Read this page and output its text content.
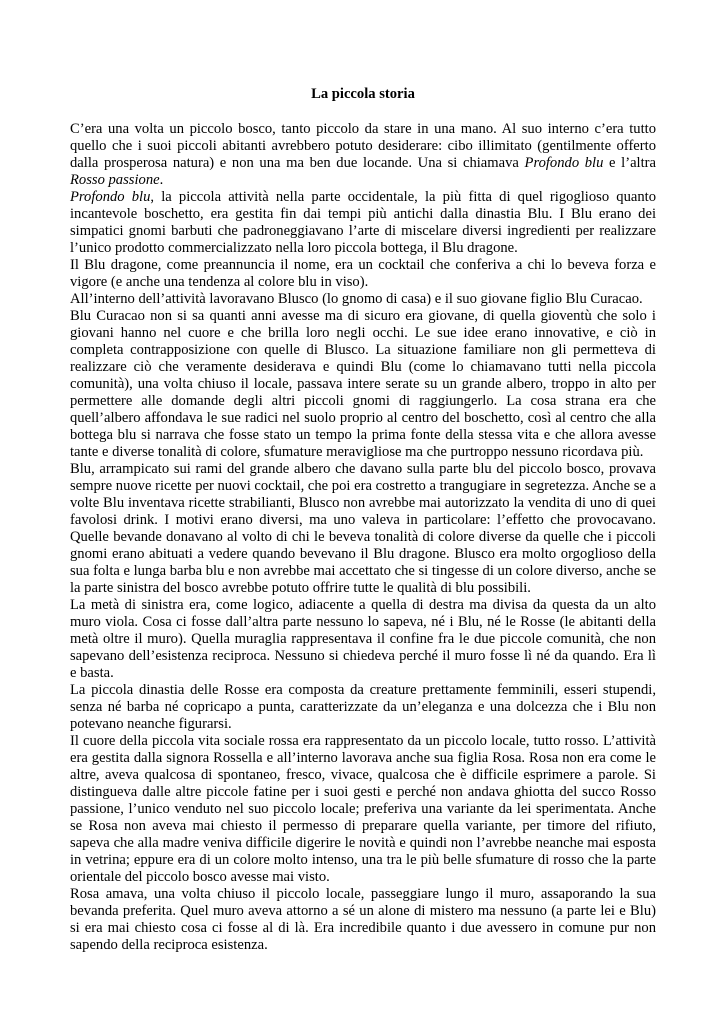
La piccola storia

C’era una volta un piccolo bosco, tanto piccolo da stare in una mano. Al suo interno c’era tutto quello che i suoi piccoli abitanti avrebbero potuto desiderare: cibo illimitato (gentilmente offerto dalla prosperosa natura) e non una ma ben due locande. Una si chiamava Profondo blu e l’altra Rosso passione.

Profondo blu, la piccola attività nella parte occidentale, la più fitta di quel rigoglioso quanto incantevole boschetto, era gestita fin dai tempi più antichi dalla dinastia Blu. I Blu erano dei simpatici gnomi barbuti che padroneggiavano l’arte di miscelare diversi ingredienti per realizzare l’unico prodotto commercializzato nella loro piccola bottega, il Blu dragone.

Il Blu dragone, come preannuncia il nome, era un cocktail che conferiva a chi lo beveva forza e vigore (e anche una tendenza al colore blu in viso).

All’interno dell’attività lavoravano Blusco (lo gnomo di casa) e il suo giovane figlio Blu Curacao.

Blu Curacao non si sa quanti anni avesse ma di sicuro era giovane, di quella gioventù che solo i giovani hanno nel cuore e che brilla loro negli occhi. Le sue idee erano innovative, e ciò in completa contrapposizione con quelle di Blusco. La situazione familiare non gli permetteva di realizzare ciò che veramente desiderava e quindi Blu (come lo chiamavano tutti nella piccola comunità), una volta chiuso il locale, passava intere serate su un grande albero, troppo in alto per permettere alle domande degli altri piccoli gnomi di raggiungerlo. La cosa strana era che quell’albero affondava le sue radici nel suolo proprio al centro del boschetto, così al centro che alla bottega blu si narrava che fosse stato un tempo la prima fonte della stessa vita e che allora avesse tante e diverse tonalità di colore, sfumature meravigliose ma che purtroppo nessuno ricordava più.

Blu, arrampicato sui rami del grande albero che davano sulla parte blu del piccolo bosco, provava sempre nuove ricette per nuovi cocktail, che poi era costretto a trangugiare in segretezza. Anche se a volte Blu inventava ricette strabilianti, Blusco non avrebbe mai autorizzato la vendita di uno di quei favolosi drink. I motivi erano diversi, ma uno valeva in particolare: l’effetto che provocavano. Quelle bevande donavano al volto di chi le beveva tonalità di colore diverse da quelle che i piccoli gnomi erano abituati a vedere quando bevevano il Blu dragone. Blusco era molto orgoglioso della sua folta e lunga barba blu e non avrebbe mai accettato che si tingesse di un colore diverso, anche se la parte sinistra del bosco avrebbe potuto offrire tutte le qualità di blu possibili.

La metà di sinistra era, come logico, adiacente a quella di destra ma divisa da questa da un alto muro viola. Cosa ci fosse dall’altra parte nessuno lo sapeva, né i Blu, né le Rosse (le abitanti della metà oltre il muro). Quella muraglia rappresentava il confine fra le due piccole comunità, che non sapevano dell’esistenza reciproca. Nessuno si chiedeva perché il muro fosse lì né da quando. Era lì e basta.

La piccola dinastia delle Rosse era composta da creature prettamente femminili, esseri stupendi, senza né barba né copricapo a punta, caratterizzate da un’eleganza e una dolcezza che i Blu non potevano neanche figurarsi.

Il cuore della piccola vita sociale rossa era rappresentato da un piccolo locale, tutto rosso. L’attività era gestita dalla signora Rossella e all’interno lavorava anche sua figlia Rosa. Rosa non era come le altre, aveva qualcosa di spontaneo, fresco, vivace, qualcosa che è difficile esprimere a parole. Si distingueva dalle altre piccole fatine per i suoi gesti e perché non andava ghiotta del succo Rosso passione, l’unico venduto nel suo piccolo locale; preferiva una variante da lei sperimentata. Anche se Rosa non aveva mai chiesto il permesso di preparare quella variante, per timore del rifiuto, sapeva che alla madre veniva difficile digerire le novità e quindi non l’avrebbe neanche mai esposta in vetrina; eppure era di un colore molto intenso, una tra le più belle sfumature di rosso che la parte orientale del piccolo bosco avesse mai visto.

Rosa amava, una volta chiuso il piccolo locale, passeggiare lungo il muro, assaporando la sua bevanda preferita. Quel muro aveva attorno a sé un alone di mistero ma nessuno (a parte lei e Blu) si era mai chiesto cosa ci fosse al di là. Era incredibile quanto i due avessero in comune pur non sapendo della reciproca esistenza.
